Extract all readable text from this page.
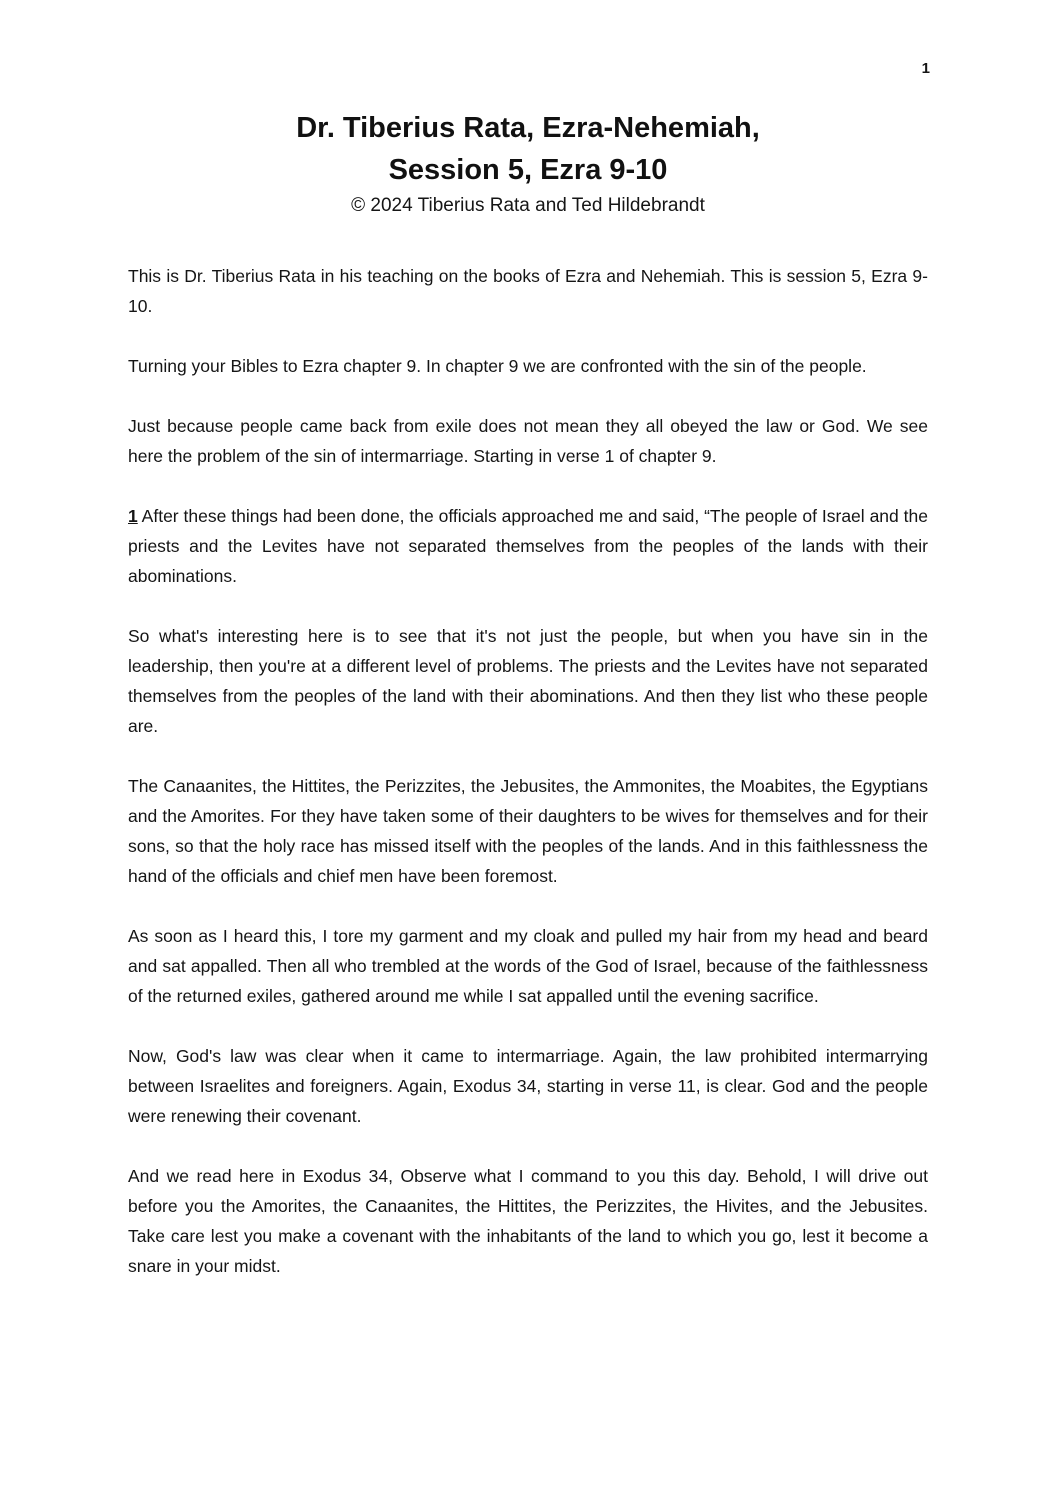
1
Dr. Tiberius Rata, Ezra-Nehemiah,
Session 5, Ezra 9-10
© 2024 Tiberius Rata and Ted Hildebrandt

This is Dr. Tiberius Rata in his teaching on the books of Ezra and Nehemiah. This is session 5, Ezra 9-10.

Turning your Bibles to Ezra chapter 9. In chapter 9 we are confronted with the sin of the people.

Just because people came back from exile does not mean they all obeyed the law or God. We see here the problem of the sin of intermarriage. Starting in verse 1 of chapter 9.

1 After these things had been done, the officials approached me and said, “The people of Israel and the priests and the Levites have not separated themselves from the peoples of the lands with their abominations.

So what's interesting here is to see that it's not just the people, but when you have sin in the leadership, then you're at a different level of problems. The priests and the Levites have not separated themselves from the peoples of the land with their abominations. And then they list who these people are.

The Canaanites, the Hittites, the Perizzites, the Jebusites, the Ammonites, the Moabites, the Egyptians and the Amorites. For they have taken some of their daughters to be wives for themselves and for their sons, so that the holy race has missed itself with the peoples of the lands. And in this faithlessness the hand of the officials and chief men have been foremost.

As soon as I heard this, I tore my garment and my cloak and pulled my hair from my head and beard and sat appalled. Then all who trembled at the words of the God of Israel, because of the faithlessness of the returned exiles, gathered around me while I sat appalled until the evening sacrifice.

Now, God's law was clear when it came to intermarriage. Again, the law prohibited intermarrying between Israelites and foreigners. Again, Exodus 34, starting in verse 11, is clear. God and the people were renewing their covenant.

And we read here in Exodus 34, Observe what I command to you this day. Behold, I will drive out before you the Amorites, the Canaanites, the Hittites, the Perizzites, the Hivites, and the Jebusites. Take care lest you make a covenant with the inhabitants of the land to which you go, lest it become a snare in your midst.
